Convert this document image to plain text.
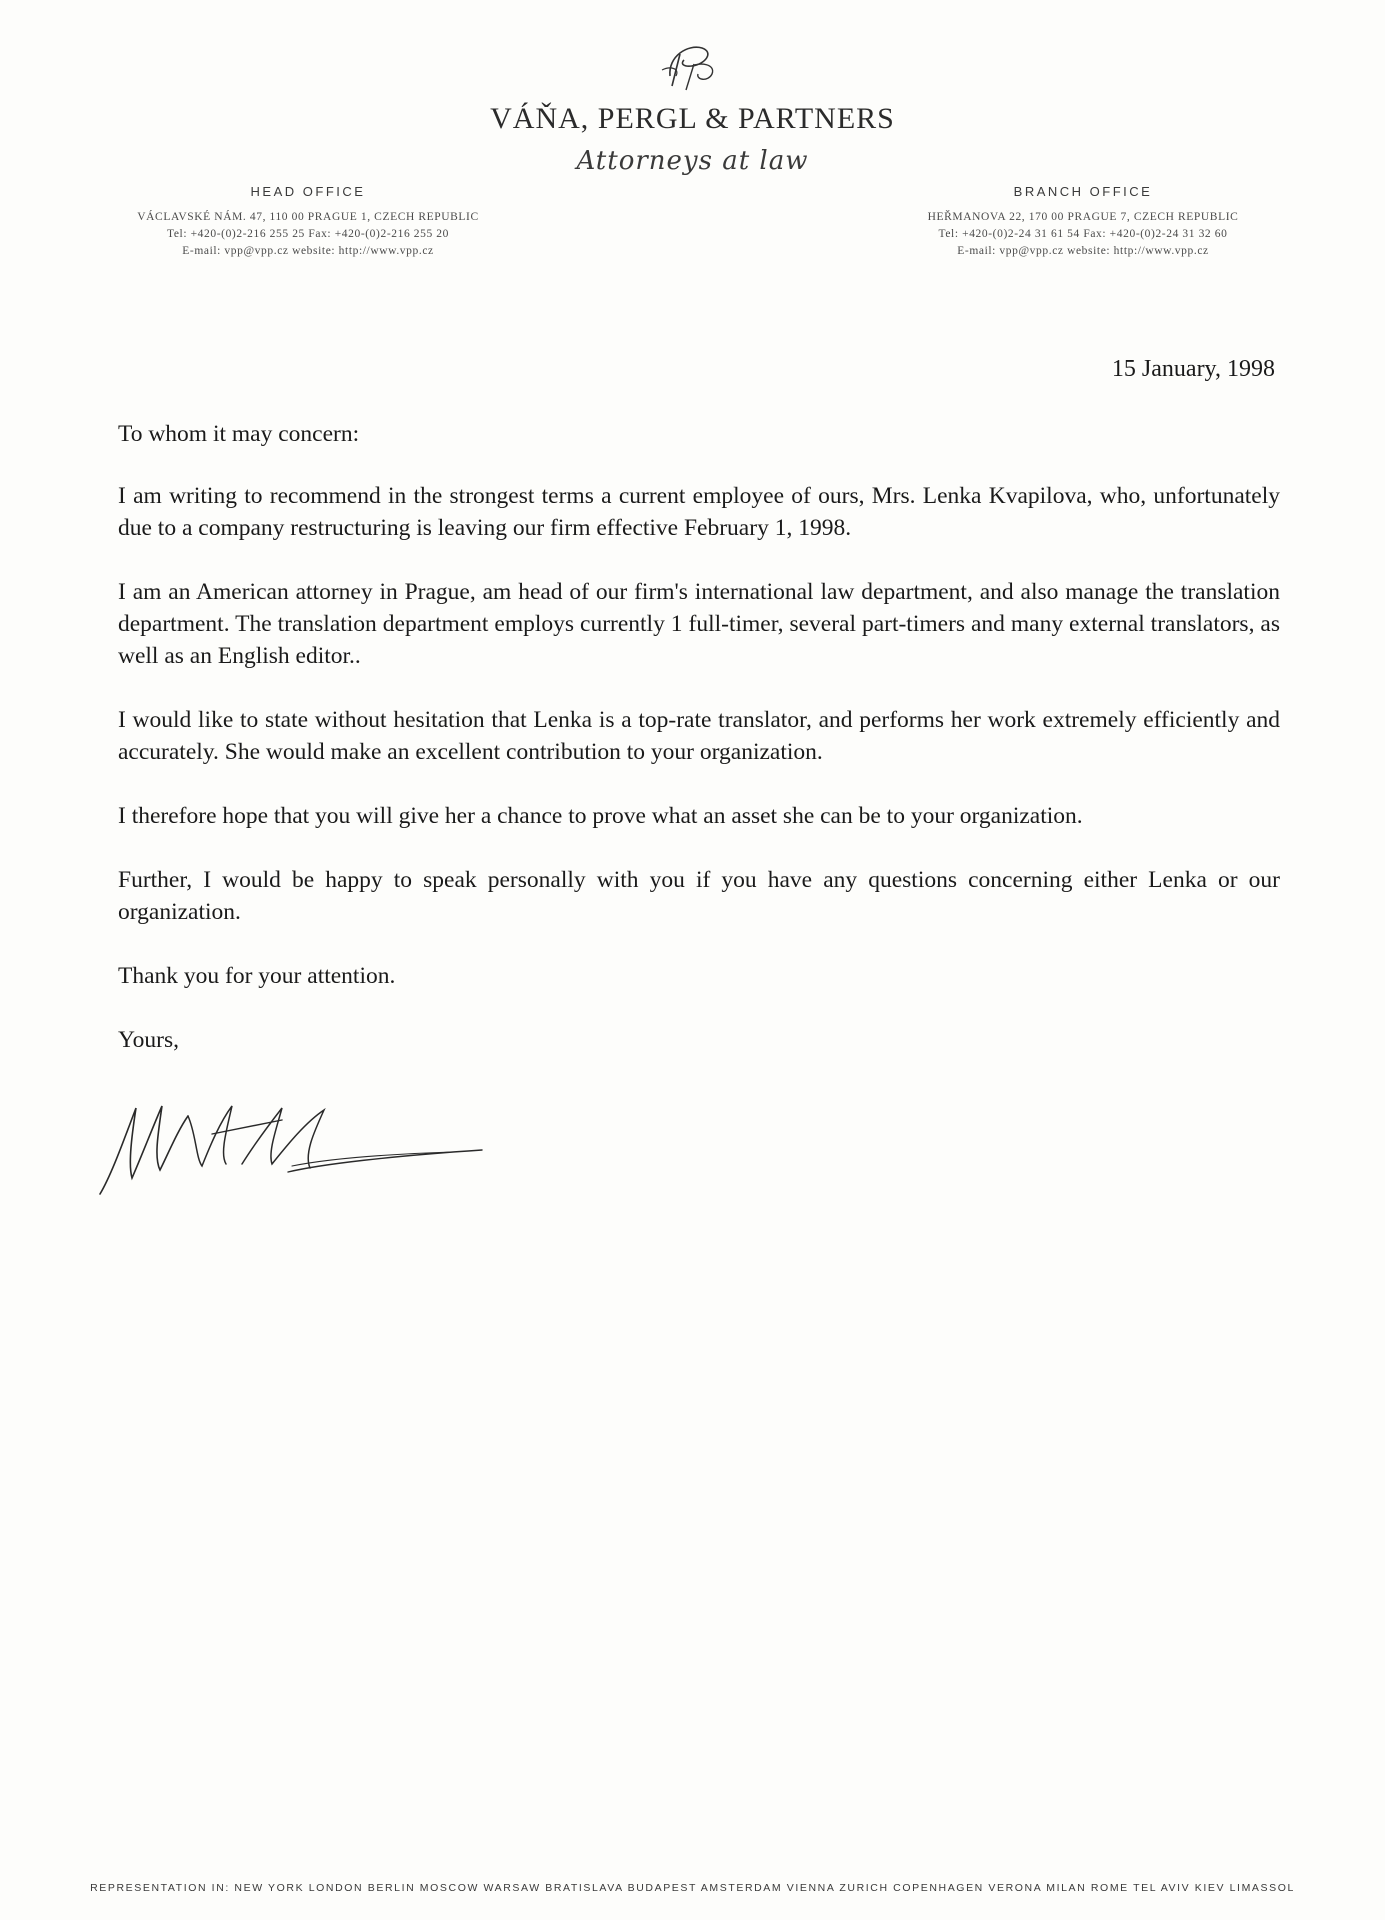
VÁŇA, PERGL & PARTNERS
Attorneys at law
HEAD OFFICE
VÁCLAVSKÉ NÁM. 47, 110 00 PRAGUE 1, CZECH REPUBLIC
Tel: +420-(0)2-216 255 25 Fax: +420-(0)2-216 255 20
E-mail: vpp@vpp.cz website: http://www.vpp.cz
BRANCH OFFICE
HEŘMANOVA 22, 170 00 PRAGUE 7, CZECH REPUBLIC
Tel: +420-(0)2-24 31 61 54 Fax: +420-(0)2-24 31 32 60
E-mail: vpp@vpp.cz website: http://www.vpp.cz
15 January, 1998

To whom it may concern:

I am writing to recommend in the strongest terms a current employee of ours, Mrs. Lenka Kvapilova, who, unfortunately due to a company restructuring is leaving our firm effective February 1, 1998.

I am an American attorney in Prague, am head of our firm's international law department, and also manage the translation department. The translation department employs currently 1 full-timer, several part-timers and many external translators, as well as an English editor..

I would like to state without hesitation that Lenka is a top-rate translator, and performs her work extremely efficiently and accurately. She would make an excellent contribution to your organization.

I therefore hope that you will give her a chance to prove what an asset she can be to your organization.

Further, I would be happy to speak personally with you if you have any questions concerning either Lenka or our organization.

Thank you for your attention.

Yours,

REPRESENTATION IN: NEW YORK LONDON BERLIN MOSCOW WARSAW BRATISLAVA BUDAPEST AMSTERDAM VIENNA ZURICH COPENHAGEN VERONA MILAN ROME TEL AVIV KIEV LIMASSOL
